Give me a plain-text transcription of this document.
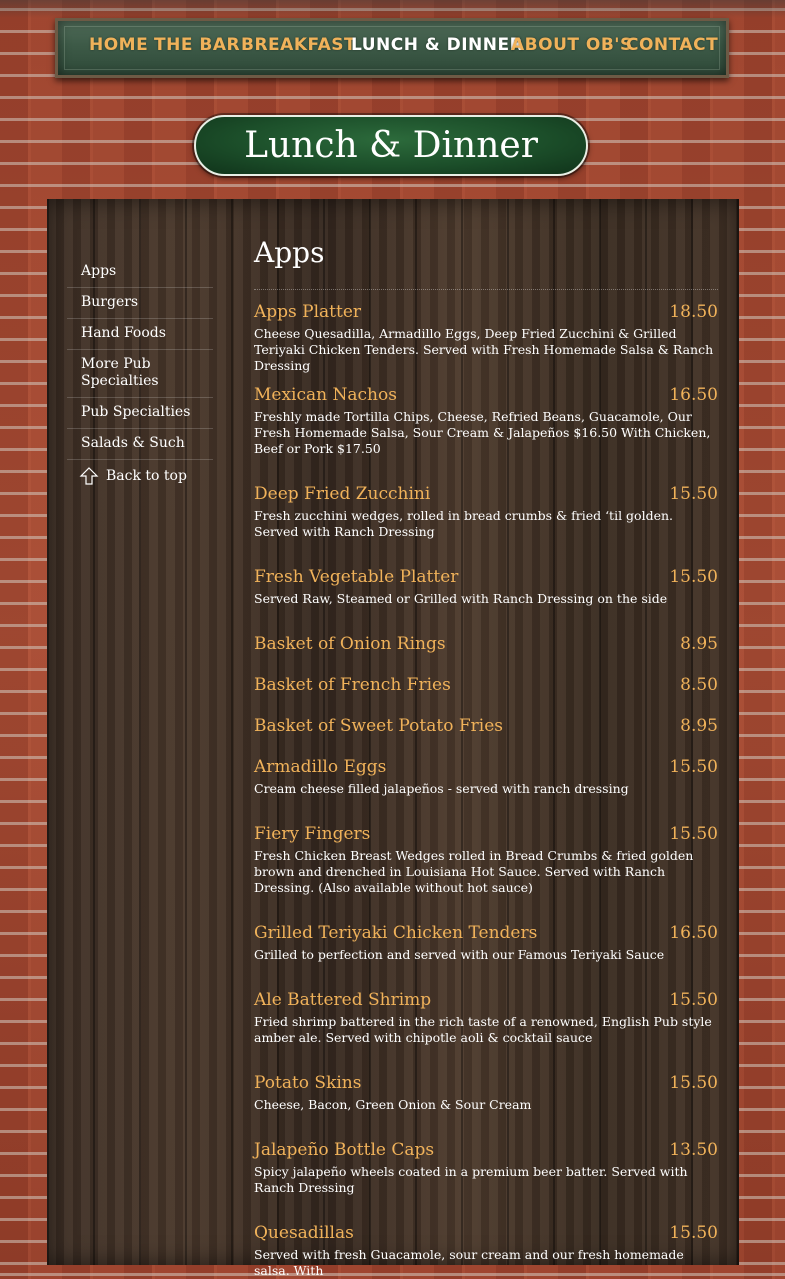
HOME THE BAR BREAKFAST
LUNCH & DINNER
ABOUT OB'S
CONTACT
Lunch & Dinner
Apps
Burgers
Hand Foods
More Pub Specialties
Pub Specialties
Salads & Such
Back to top
Apps
Apps Platter	18.50
Cheese Quesadilla, Armadillo Eggs, Deep Fried Zucchini & Grilled Teriyaki Chicken Tenders. Served with Fresh Homemade Salsa & Ranch Dressing
Mexican Nachos	16.50
Freshly made Tortilla Chips, Cheese, Refried Beans, Guacamole, Our Fresh Homemade Salsa, Sour Cream & Jalapeños $16.50 With Chicken, Beef or Pork $17.50
Deep Fried Zucchini	15.50
Fresh zucchini wedges, rolled in bread crumbs & fried ‘til golden. Served with Ranch Dressing
Fresh Vegetable Platter	15.50
Served Raw, Steamed or Grilled with Ranch Dressing on the side
Basket of Onion Rings	8.95
Basket of French Fries	8.50
Basket of Sweet Potato Fries	8.95
Armadillo Eggs	15.50
Cream cheese filled jalapeños - served with ranch dressing
Fiery Fingers	15.50
Fresh Chicken Breast Wedges rolled in Bread Crumbs & fried golden brown and drenched in Louisiana Hot Sauce. Served with Ranch Dressing. (Also available without hot sauce)
Grilled Teriyaki Chicken Tenders	16.50
Grilled to perfection and served with our Famous Teriyaki Sauce
Ale Battered Shrimp	15.50
Fried shrimp battered in the rich taste of a renowned, English Pub style amber ale. Served with chipotle aoli & cocktail sauce
Potato Skins	15.50
Cheese, Bacon, Green Onion & Sour Cream
Jalapeño Bottle Caps	13.50
Spicy jalapeño wheels coated in a premium beer batter. Served with Ranch Dressing
Quesadillas	15.50
Served with fresh Guacamole, sour cream and our fresh homemade salsa. With
